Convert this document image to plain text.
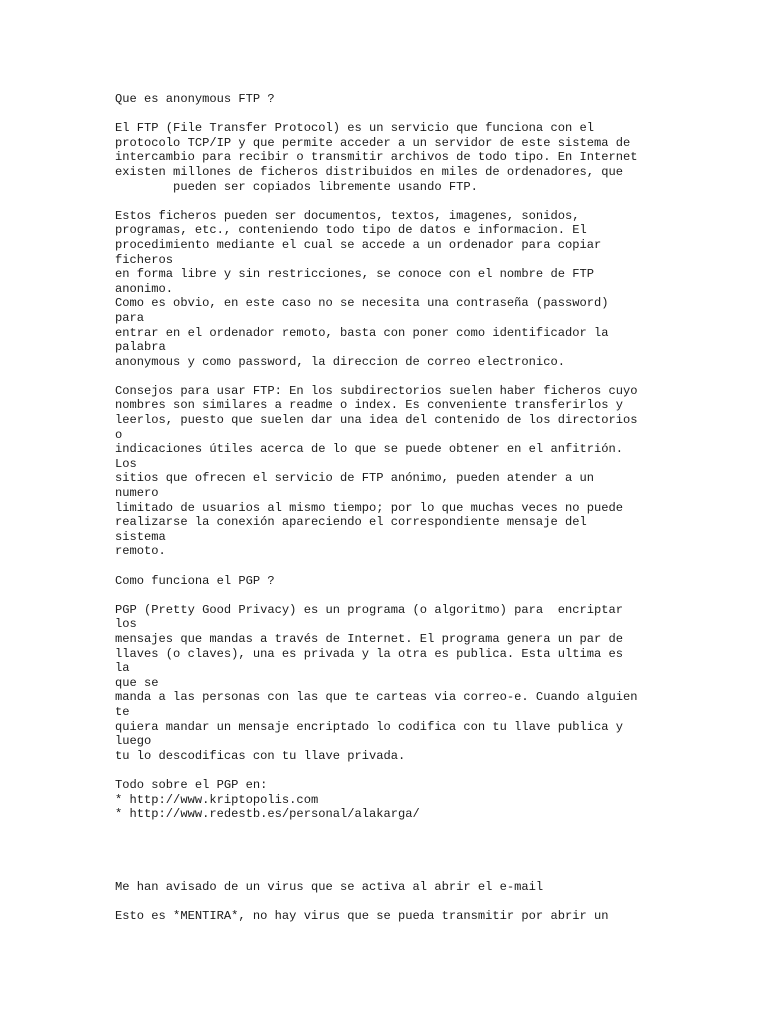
Que es anonymous FTP ?
El FTP (File Transfer Protocol) es un servicio que funciona con el
protocolo TCP/IP y que permite acceder a un servidor de este sistema de
intercambio para recibir o transmitir archivos de todo tipo. En Internet
existen millones de ficheros distribuidos en miles de ordenadores, que
pueden ser copiados libremente usando FTP.
Estos ficheros pueden ser documentos, textos, imagenes, sonidos,
programas, etc., conteniendo todo tipo de datos e informacion. El
procedimiento mediante el cual se accede a un ordenador para copiar
ficheros
en forma libre y sin restricciones, se conoce con el nombre de FTP
anonimo.
Como es obvio, en este caso no se necesita una contraseña (password)
para
entrar en el ordenador remoto, basta con poner como identificador la
palabra
anonymous y como password, la direccion de correo electronico.
Consejos para usar FTP: En los subdirectorios suelen haber ficheros cuyo
nombres son similares a readme o index. Es conveniente transferirlos y
leerlos, puesto que suelen dar una idea del contenido de los directorios
o
indicaciones útiles acerca de lo que se puede obtener en el anfitrión.
Los
sitios que ofrecen el servicio de FTP anónimo, pueden atender a un
numero
limitado de usuarios al mismo tiempo; por lo que muchas veces no puede
realizarse la conexión apareciendo el correspondiente mensaje del
sistema
remoto.
Como funciona el PGP ?
PGP (Pretty Good Privacy) es un programa (o algoritmo) para  encriptar
los
mensajes que mandas a través de Internet. El programa genera un par de
llaves (o claves), una es privada y la otra es publica. Esta ultima es
la
que se
manda a las personas con las que te carteas via correo-e. Cuando alguien
te
quiera mandar un mensaje encriptado lo codifica con tu llave publica y
luego
tu lo descodificas con tu llave privada.
Todo sobre el PGP en:
* http://www.kriptopolis.com
* http://www.redestb.es/personal/alakarga/
Me han avisado de un virus que se activa al abrir el e-mail
Esto es *MENTIRA*, no hay virus que se pueda transmitir por abrir un
